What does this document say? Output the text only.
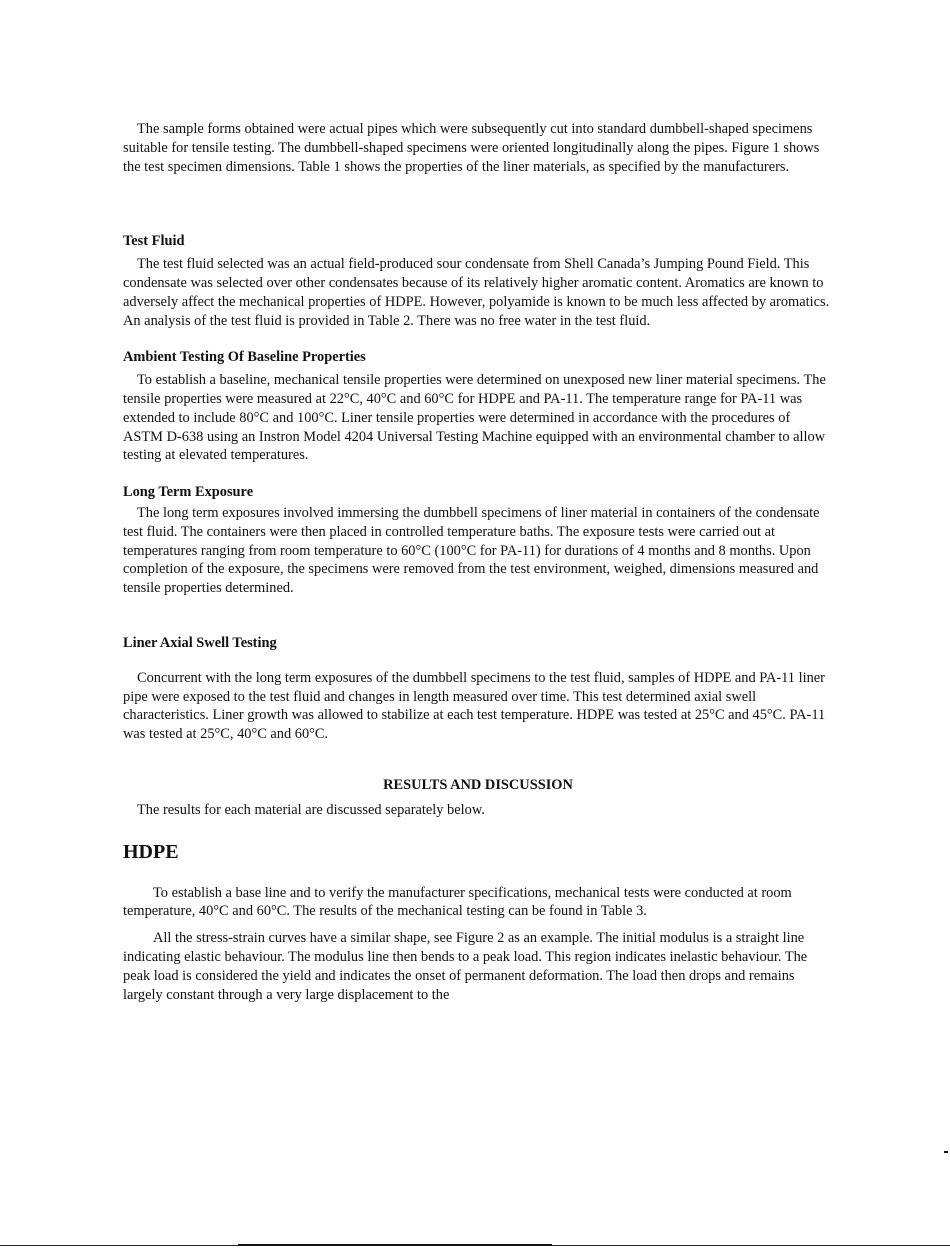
The sample forms obtained were actual pipes which were subsequently cut into standard dumbbell-shaped specimens suitable for tensile testing. The dumbbell-shaped specimens were oriented longitudinally along the pipes. Figure 1 shows the test specimen dimensions. Table 1 shows the properties of the liner materials, as specified by the manufacturers.

Test Fluid

The test fluid selected was an actual field-produced sour condensate from Shell Canada’s Jumping Pound Field. This condensate was selected over other condensates because of its relatively higher aromatic content. Aromatics are known to adversely affect the mechanical properties of HDPE. However, polyamide is known to be much less affected by aromatics. An analysis of the test fluid is provided in Table 2. There was no free water in the test fluid.

Ambient Testing Of Baseline Properties

To establish a baseline, mechanical tensile properties were determined on unexposed new liner material specimens. The tensile properties were measured at 22°C, 40°C and 60°C for HDPE and PA-11. The temperature range for PA-11 was extended to include 80°C and 100°C. Liner tensile properties were determined in accordance with the procedures of ASTM D-638 using an Instron Model 4204 Universal Testing Machine equipped with an environmental chamber to allow testing at elevated temperatures.

Long Term Exposure

The long term exposures involved immersing the dumbbell specimens of liner material in containers of the condensate test fluid. The containers were then placed in controlled temperature baths. The exposure tests were carried out at temperatures ranging from room temperature to 60°C (100°C for PA-11) for durations of 4 months and 8 months. Upon completion of the exposure, the specimens were removed from the test environment, weighed, dimensions measured and tensile properties determined.

Liner Axial Swell Testing

Concurrent with the long term exposures of the dumbbell specimens to the test fluid, samples of HDPE and PA-11 liner pipe were exposed to the test fluid and changes in length measured over time. This test determined axial swell characteristics. Liner growth was allowed to stabilize at each test temperature. HDPE was tested at 25°C and 45°C. PA-11 was tested at 25°C, 40°C and 60°C.

RESULTS AND DISCUSSION

The results for each material are discussed separately below.

HDPE

To establish a base line and to verify the manufacturer specifications, mechanical tests were conducted at room temperature, 40°C and 60°C. The results of the mechanical testing can be found in Table 3.

All the stress-strain curves have a similar shape, see Figure 2 as an example. The initial modulus is a straight line indicating elastic behaviour. The modulus line then bends to a peak load. This region indicates inelastic behaviour. The peak load is considered the yield and indicates the onset of permanent deformation. The load then drops and remains largely constant through a very large displacement to the
